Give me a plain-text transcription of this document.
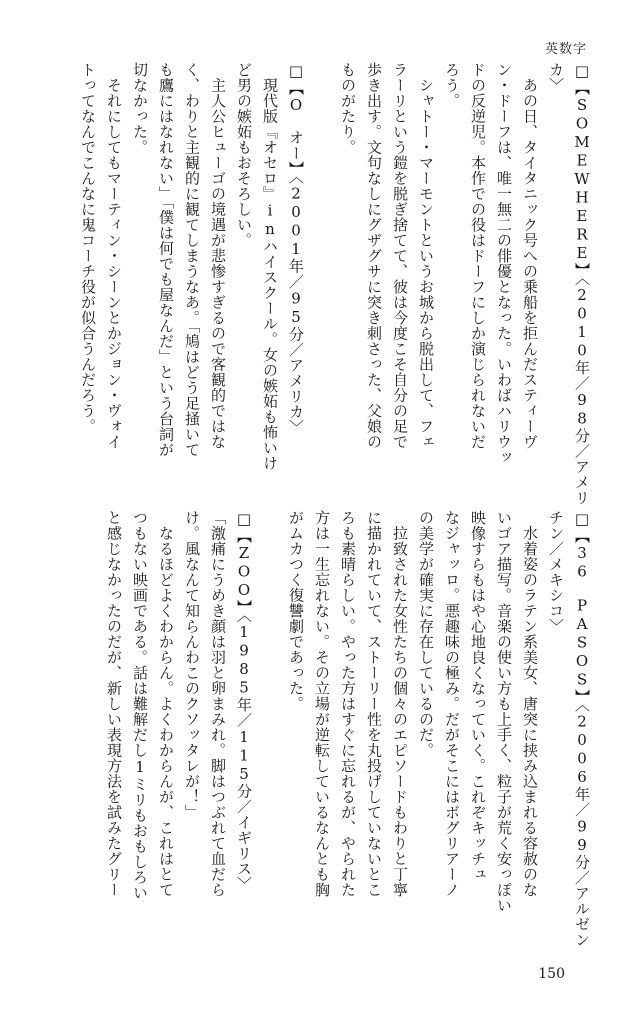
英数字
□【SOMEWHERE】〈2010年／98分／アメリ
カ〉
　あの日、タイタニック号への乗船を拒んだスティーヴ
ン・ドーフは、唯一無二の俳優となった。いわばハリウッ
ドの反逆児。本作での役はドーフにしか演じられないだ
ろう。
　シャトー・マーモントというお城から脱出して、フェ
ラーリという鎧を脱ぎ捨てて、彼は今度こそ自分の足で
歩き出す。文句なしにグザグサに突き刺さった、父娘の
ものがたり。

□【O　オー】〈2001年／95分／アメリカ〉
　現代版『オセロ』inハイスクール。女の嫉妬も怖いけ
ど男の嫉妬もおそろしい。
　主人公ヒューゴの境遇が悲惨すぎるので客観的ではな
く、わりと主観的に観てしまうなあ。「鳩はどう足掻いて
も鷹にはなれない」「僕は何でも屋なんだ」という台詞が
切なかった。
　それにしてもマーティン・シーンとかジョン・ヴォイ
トってなんでこんなに鬼コーチ役が似合うんだろう。
□【36　PASOS】〈2006年／99分／アルゼン
チン／メキシコ〉
　水着姿のラテン系美女、唐突に挟み込まれる容赦のな
いゴア描写。音楽の使い方も上手く、粒子が荒く安っぽい
映像すらもはや心地良くなっていく。これぞキッチュ
なジャッロ。悪趣味の極み。だがそこにはボグリアーノ
の美学が確実に存在しているのだ。
　拉致された女性たちの個々のエピソードもわりと丁寧
に描かれていて、ストーリー性を丸投げしていないとこ
ろも素晴らしい。やった方はすぐに忘れるが、やられた
方は一生忘れない。その立場が逆転しているなんとも胸
がムカつく復讐劇であった。

□【ZOO】〈1985年／115分／イギリス〉
「激痛にうめき顔は羽と卵まみれ。脚はつぶれて血だら
け。風なんて知らんわこのクソッタレが！」
　なるほどよくわからん。よくわからんが、これはとて
つもない映画である。話は難解だし1ミリもおもしろい
と感じなかったのだが、新しい表現方法を試みたグリー
150
